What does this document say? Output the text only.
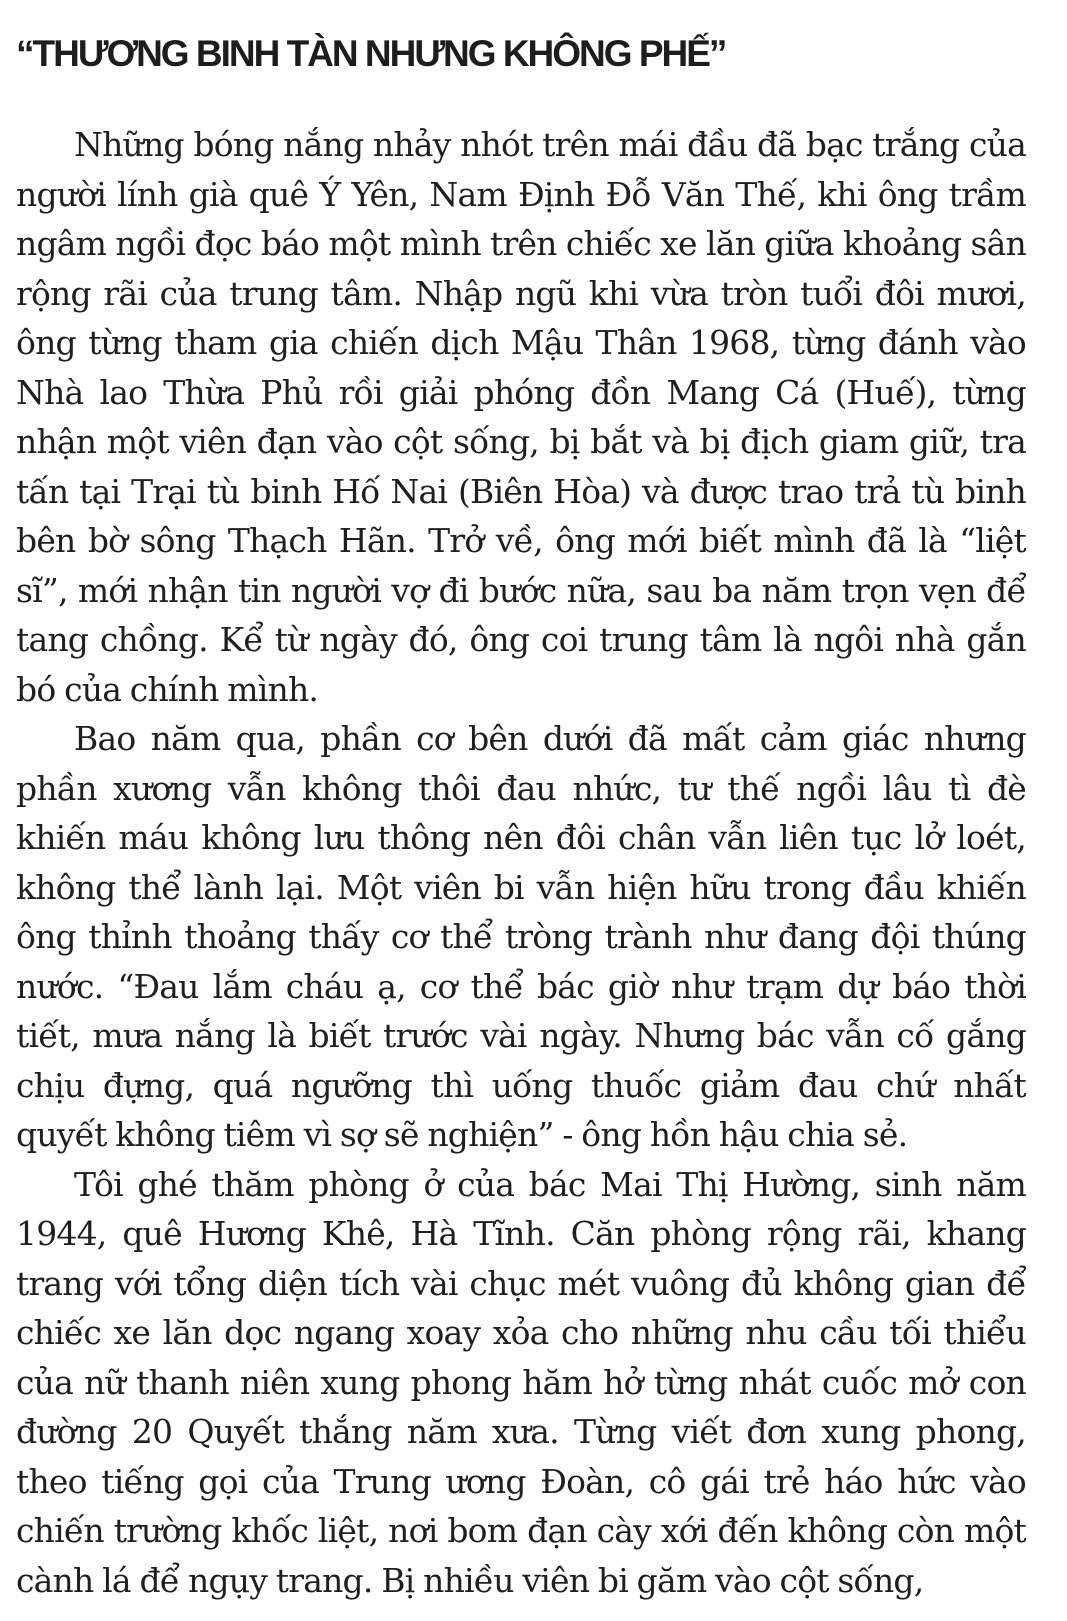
“THƯƠNG BINH TÀN NHƯNG KHÔNG PHẾ”

Những bóng nắng nhảy nhót trên mái đầu đã bạc trắng của người lính già quê Ý Yên, Nam Định Đỗ Văn Thế, khi ông trầm ngâm ngồi đọc báo một mình trên chiếc xe lăn giữa khoảng sân rộng rãi của trung tâm. Nhập ngũ khi vừa tròn tuổi đôi mươi, ông từng tham gia chiến dịch Mậu Thân 1968, từng đánh vào Nhà lao Thừa Phủ rồi giải phóng đồn Mang Cá (Huế), từng nhận một viên đạn vào cột sống, bị bắt và bị địch giam giữ, tra tấn tại Trại tù binh Hố Nai (Biên Hòa) và được trao trả tù binh bên bờ sông Thạch Hãn. Trở về, ông mới biết mình đã là “liệt sĩ”, mới nhận tin người vợ đi bước nữa, sau ba năm trọn vẹn để tang chồng. Kể từ ngày đó, ông coi trung tâm là ngôi nhà gắn bó của chính mình.

Bao năm qua, phần cơ bên dưới đã mất cảm giác nhưng phần xương vẫn không thôi đau nhức, tư thế ngồi lâu tì đè khiến máu không lưu thông nên đôi chân vẫn liên tục lở loét, không thể lành lại. Một viên bi vẫn hiện hữu trong đầu khiến ông thỉnh thoảng thấy cơ thể tròng trành như đang đội thúng nước. “Đau lắm cháu ạ, cơ thể bác giờ như trạm dự báo thời tiết, mưa nắng là biết trước vài ngày. Nhưng bác vẫn cố gắng chịu đựng, quá ngưỡng thì uống thuốc giảm đau chứ nhất quyết không tiêm vì sợ sẽ nghiện” - ông hồn hậu chia sẻ.

Tôi ghé thăm phòng ở của bác Mai Thị Hường, sinh năm 1944, quê Hương Khê, Hà Tĩnh. Căn phòng rộng rãi, khang trang với tổng diện tích vài chục mét vuông đủ không gian để chiếc xe lăn dọc ngang xoay xỏa cho những nhu cầu tối thiểu của nữ thanh niên xung phong hăm hở từng nhát cuốc mở con đường 20 Quyết thắng năm xưa. Từng viết đơn xung phong, theo tiếng gọi của Trung ương Đoàn, cô gái trẻ háo hức vào chiến trường khốc liệt, nơi bom đạn cày xới đến không còn một cành lá để ngụy trang. Bị nhiều viên bi găm vào cột sống,
